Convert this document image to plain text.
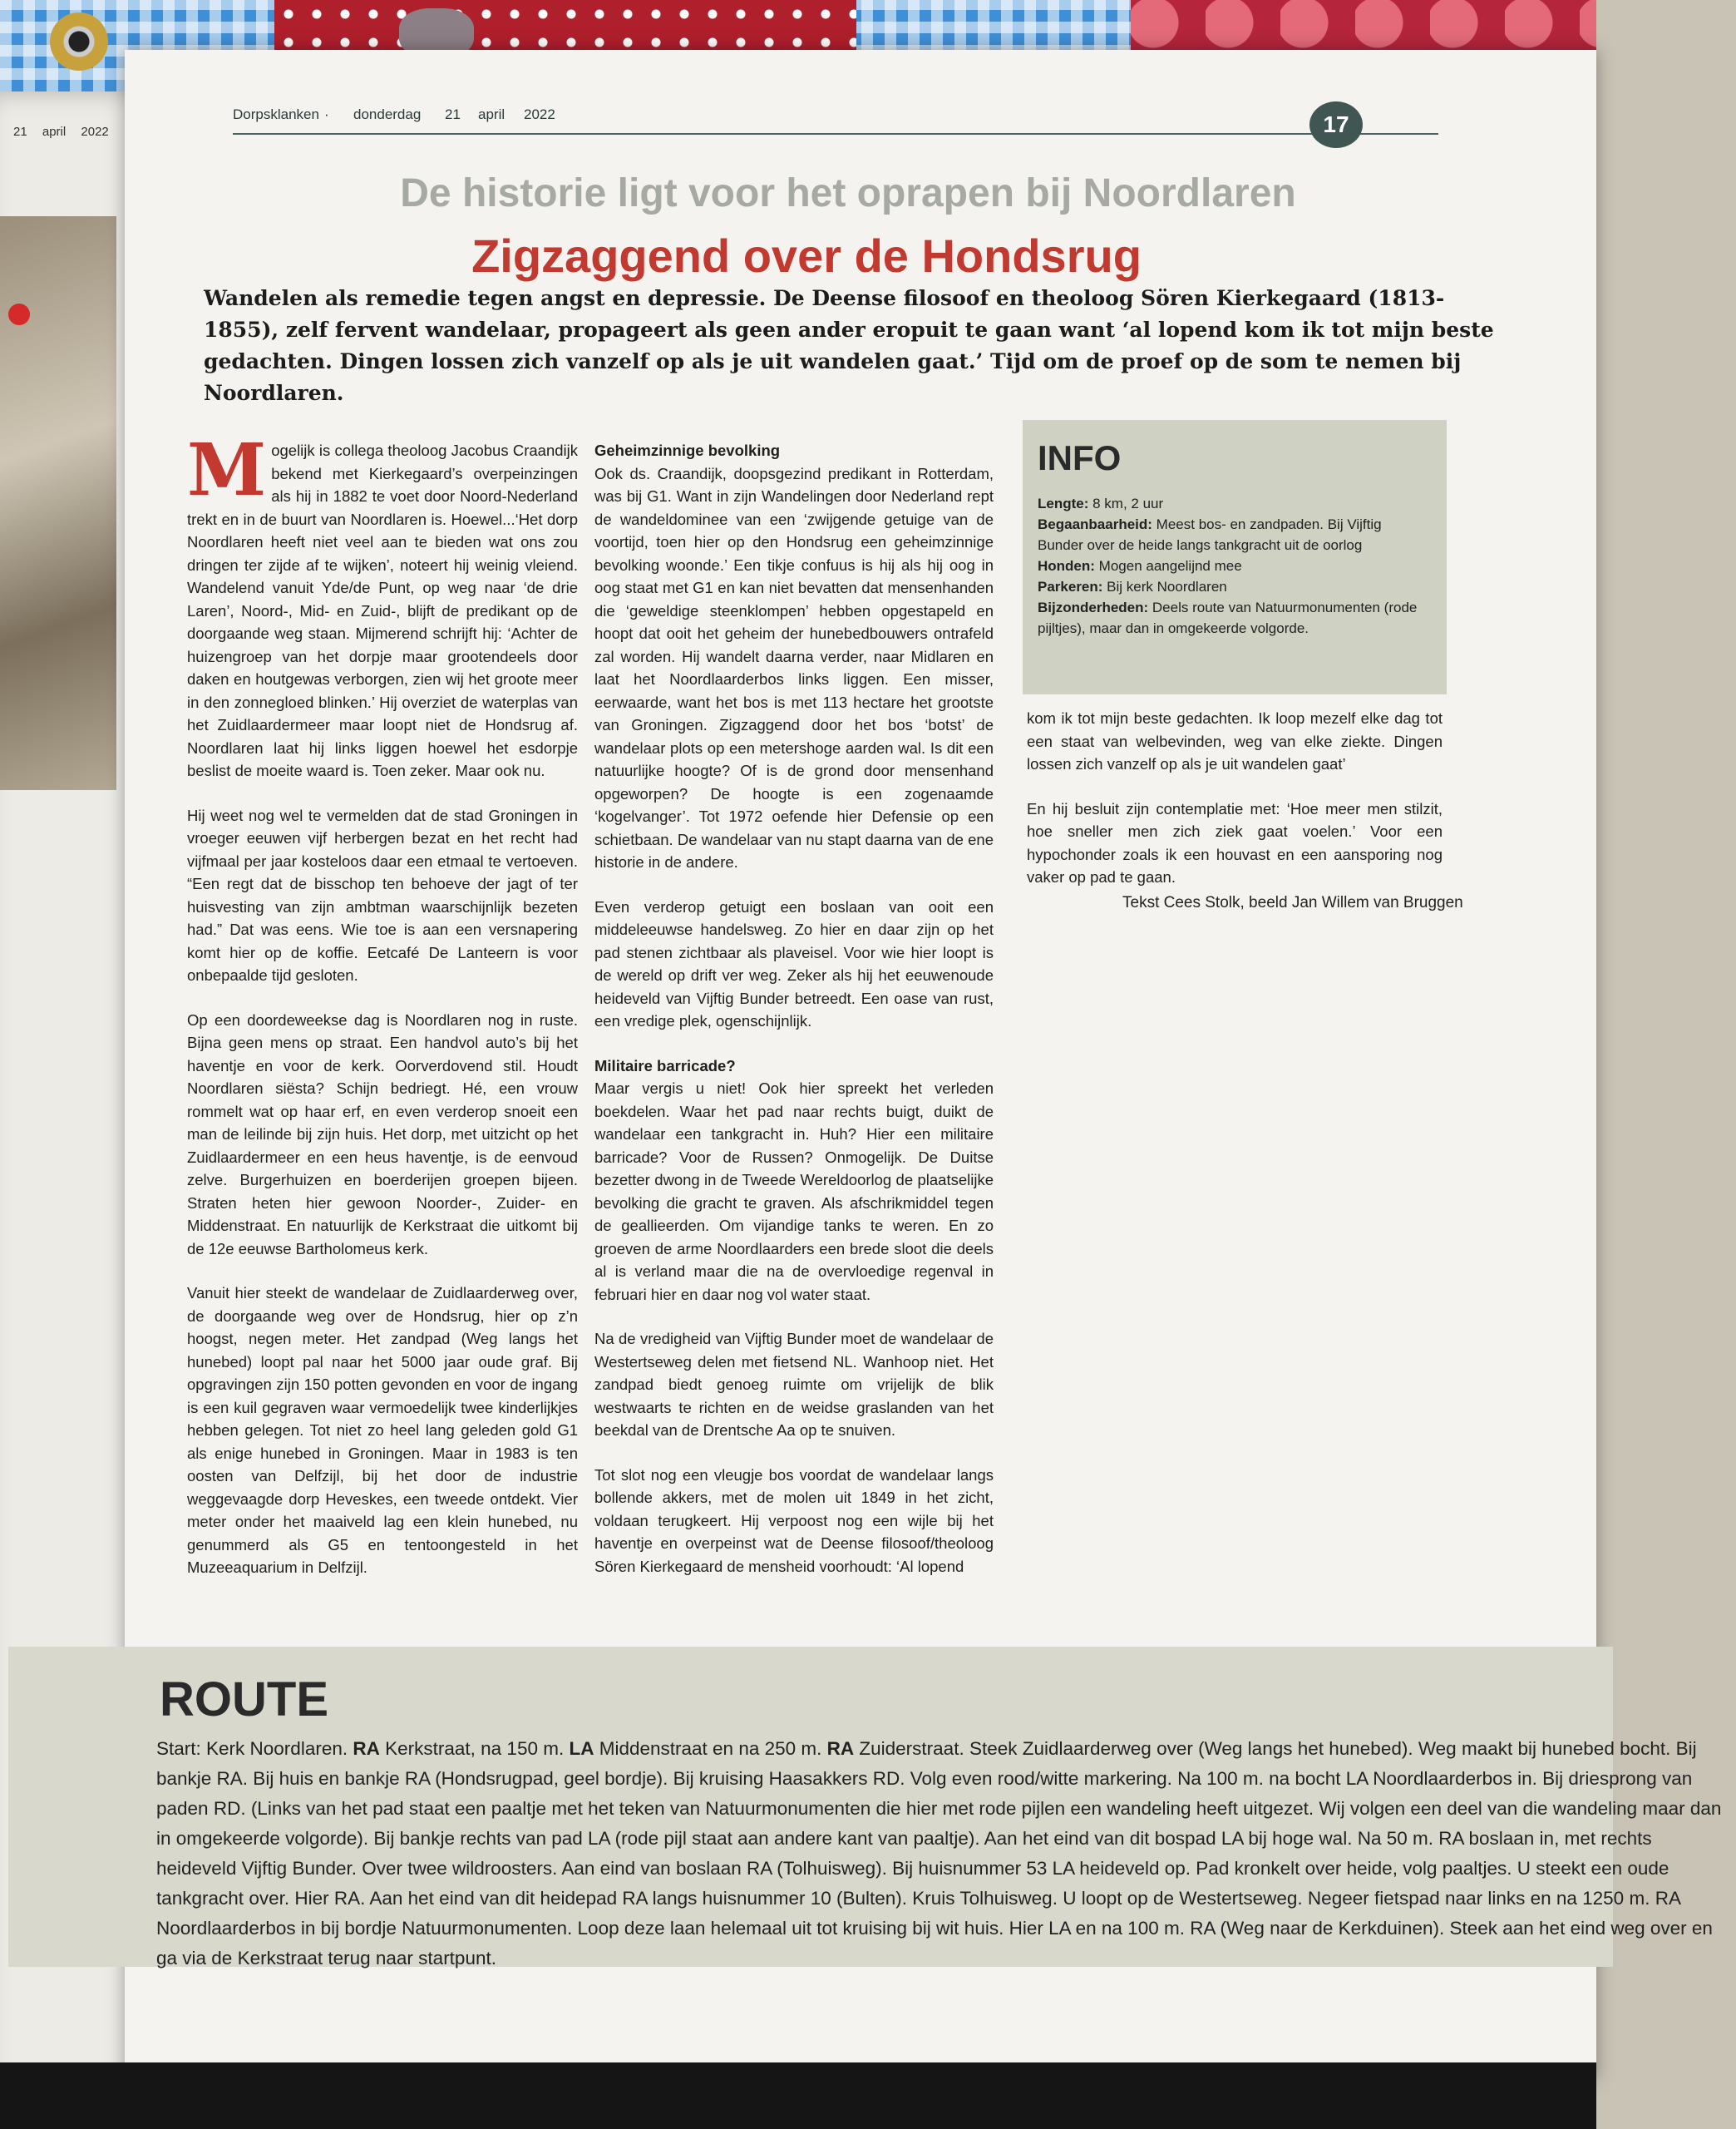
21 april 2022
Dorpsklanken · donderdag 21 april 2022	17
De historie ligt voor het oprapen bij Noordlaren
Zigzaggend over de Hondsrug

Wandelen als remedie tegen angst en depressie. De Deense filosoof en theoloog Sören Kierkegaard (1813-1855), zelf fervent wandelaar, propageert als geen ander eropuit te gaan want ‘al lopend kom ik tot mijn beste gedachten. Dingen lossen zich vanzelf op als je uit wandelen gaat.’ Tijd om de proef op de som te nemen bij Noordlaren.

Mogelijk is collega theoloog Jacobus Craandijk bekend met Kierkegaard’s overpeinzingen als hij in 1882 te voet door Noord-Nederland trekt en in de buurt van Noordlaren is. Hoewel...‘Het dorp Noordlaren heeft niet veel aan te bieden wat ons zou dringen ter zijde af te wijken’, noteert hij weinig vleiend. Wandelend vanuit Yde/de Punt, op weg naar ‘de drie Laren’, Noord-, Mid- en Zuid-, blijft de predikant op de doorgaande weg staan. Mijmerend schrijft hij: ‘Achter de huizengroep van het dorpje maar grootendeels door daken en houtgewas verborgen, zien wij het groote meer in den zonnegloed blinken.’ Hij overziet de waterplas van het Zuidlaardermeer maar loopt niet de Hondsrug af. Noordlaren laat hij links liggen hoewel het esdorpje beslist de moeite waard is. Toen zeker. Maar ook nu.

Hij weet nog wel te vermelden dat de stad Groningen in vroeger eeuwen vijf herbergen bezat en het recht had vijfmaal per jaar kosteloos daar een etmaal te vertoeven. “Een regt dat de bisschop ten behoeve der jagt of ter huisvesting van zijn ambtman waarschijnlijk bezeten had.” Dat was eens. Wie toe is aan een versnapering komt hier op de koffie. Eetcafé De Lanteern is voor onbepaalde tijd gesloten.

Op een doordeweekse dag is Noordlaren nog in ruste. Bijna geen mens op straat. Een handvol auto’s bij het haventje en voor de kerk. Oorverdovend stil. Houdt Noordlaren siësta? Schijn bedriegt. Hé, een vrouw rommelt wat op haar erf, en even verderop snoeit een man de leilinde bij zijn huis. Het dorp, met uitzicht op het Zuidlaardermeer en een heus haventje, is de eenvoud zelve. Burgerhuizen en boerderijen groepen bijeen. Straten heten hier gewoon Noorder-, Zuider- en Middenstraat. En natuurlijk de Kerkstraat die uitkomt bij de 12e eeuwse Bartholomeus kerk.

Vanuit hier steekt de wandelaar de Zuidlaarderweg over, de doorgaande weg over de Hondsrug, hier op z’n hoogst, negen meter. Het zandpad (Weg langs het hunebed) loopt pal naar het 5000 jaar oude graf. Bij opgravingen zijn 150 potten gevonden en voor de ingang is een kuil gegraven waar vermoedelijk twee kinderlijkjes hebben gelegen. Tot niet zo heel lang geleden gold G1 als enige hunebed in Groningen. Maar in 1983 is ten oosten van Delfzijl, bij het door de industrie weggevaagde dorp Heveskes, een tweede ontdekt. Vier meter onder het maaiveld lag een klein hunebed, nu genummerd als G5 en tentoongesteld in het Muzeeaquarium in Delfzijl.

Geheimzinnige bevolking

Ook ds. Craandijk, doopsgezind predikant in Rotterdam, was bij G1. Want in zijn Wandelingen door Nederland rept de wandeldominee van een ‘zwijgende getuige van de voortijd, toen hier op den Hondsrug een geheimzinnige bevolking woonde.’ Een tikje confuus is hij als hij oog in oog staat met G1 en kan niet bevatten dat mensenhanden die ‘geweldige steenklompen’ hebben opgestapeld en hoopt dat ooit het geheim der hunebedbouwers ontrafeld zal worden. Hij wandelt daarna verder, naar Midlaren en laat het Noordlaarderbos links liggen. Een misser, eerwaarde, want het bos is met 113 hectare het grootste van Groningen. Zigzaggend door het bos ‘botst’ de wandelaar plots op een metershoge aarden wal. Is dit een natuurlijke hoogte? Of is de grond door mensenhand opgeworpen? De hoogte is een zogenaamde ‘kogelvanger’. Tot 1972 oefende hier Defensie op een schietbaan. De wandelaar van nu stapt daarna van de ene historie in de andere.

Even verderop getuigt een boslaan van ooit een middeleeuwse handelsweg. Zo hier en daar zijn op het pad stenen zichtbaar als plaveisel. Voor wie hier loopt is de wereld op drift ver weg. Zeker als hij het eeuwenoude heideveld van Vijftig Bunder betreedt. Een oase van rust, een vredige plek, ogenschijnlijk.

Militaire barricade?

Maar vergis u niet! Ook hier spreekt het verleden boekdelen. Waar het pad naar rechts buigt, duikt de wandelaar een tankgracht in. Huh? Hier een militaire barricade? Voor de Russen? Onmogelijk. De Duitse bezetter dwong in de Tweede Wereldoorlog de plaatselijke bevolking die gracht te graven. Als afschrikmiddel tegen de geallieerden. Om vijandige tanks te weren. En zo groeven de arme Noordlaarders een brede sloot die deels al is verland maar die na de overvloedige regenval in februari hier en daar nog vol water staat.

Na de vredigheid van Vijftig Bunder moet de wandelaar de Westertseweg delen met fietsend NL. Wanhoop niet. Het zandpad biedt genoeg ruimte om vrijelijk de blik westwaarts te richten en de weidse graslanden van het beekdal van de Drentsche Aa op te snuiven.

Tot slot nog een vleugje bos voordat de wandelaar langs bollende akkers, met de molen uit 1849 in het zicht, voldaan terugkeert. Hij verpoost nog een wijle bij het haventje en overpeinst wat de Deense filosoof/theoloog Sören Kierkegaard de mensheid voorhoudt: ‘Al lopend

INFO
Lengte: 8 km, 2 uur
Begaanbaarheid: Meest bos- en zandpaden. Bij Vijftig Bunder over de heide langs tankgracht uit de oorlog
Honden: Mogen aangelijnd mee
Parkeren: Bij kerk Noordlaren
Bijzonderheden: Deels route van Natuurmonumenten (rode pijltjes), maar dan in omgekeerde volgorde.

kom ik tot mijn beste gedachten. Ik loop mezelf elke dag tot een staat van welbevinden, weg van elke ziekte. Dingen lossen zich vanzelf op als je uit wandelen gaat’

En hij besluit zijn contemplatie met: ‘Hoe meer men stilzit, hoe sneller men zich ziek gaat voelen.’ Voor een hypochonder zoals ik een houvast en een aansporing nog vaker op pad te gaan.

Tekst Cees Stolk, beeld Jan Willem van Bruggen
ROUTE

Start: Kerk Noordlaren. RA Kerkstraat, na 150 m. LA Middenstraat en na 250 m. RA Zuiderstraat. Steek Zuidlaarderweg over (Weg langs het hunebed). Weg maakt bij hunebed bocht. Bij bankje RA. Bij huis en bankje RA (Hondsrugpad, geel bordje). Bij kruising Haasakkers RD. Volg even rood/witte markering. Na 100 m. na bocht LA Noordlaarderbos in. Bij driesprong van paden RD. (Links van het pad staat een paaltje met het teken van Natuurmonumenten die hier met rode pijlen een wandeling heeft uitgezet. Wij volgen een deel van die wandeling maar dan in omgekeerde volgorde). Bij bankje rechts van pad LA (rode pijl staat aan andere kant van paaltje). Aan het eind van dit bospad LA bij hoge wal. Na 50 m. RA boslaan in, met rechts heideveld Vijftig Bunder. Over twee wildroosters. Aan eind van boslaan RA (Tolhuisweg). Bij huisnummer 53 LA heideveld op. Pad kronkelt over heide, volg paaltjes. U steekt een oude tankgracht over. Hier RA. Aan het eind van dit heidepad RA langs huisnummer 10 (Bulten). Kruis Tolhuisweg. U loopt op de Westertseweg. Negeer fietspad naar links en na 1250 m. RA Noordlaarderbos in bij bordje Natuurmonumenten. Loop deze laan helemaal uit tot kruising bij wit huis. Hier LA en na 100 m. RA (Weg naar de Kerkduinen). Steek aan het eind weg over en ga via de Kerkstraat terug naar startpunt.
